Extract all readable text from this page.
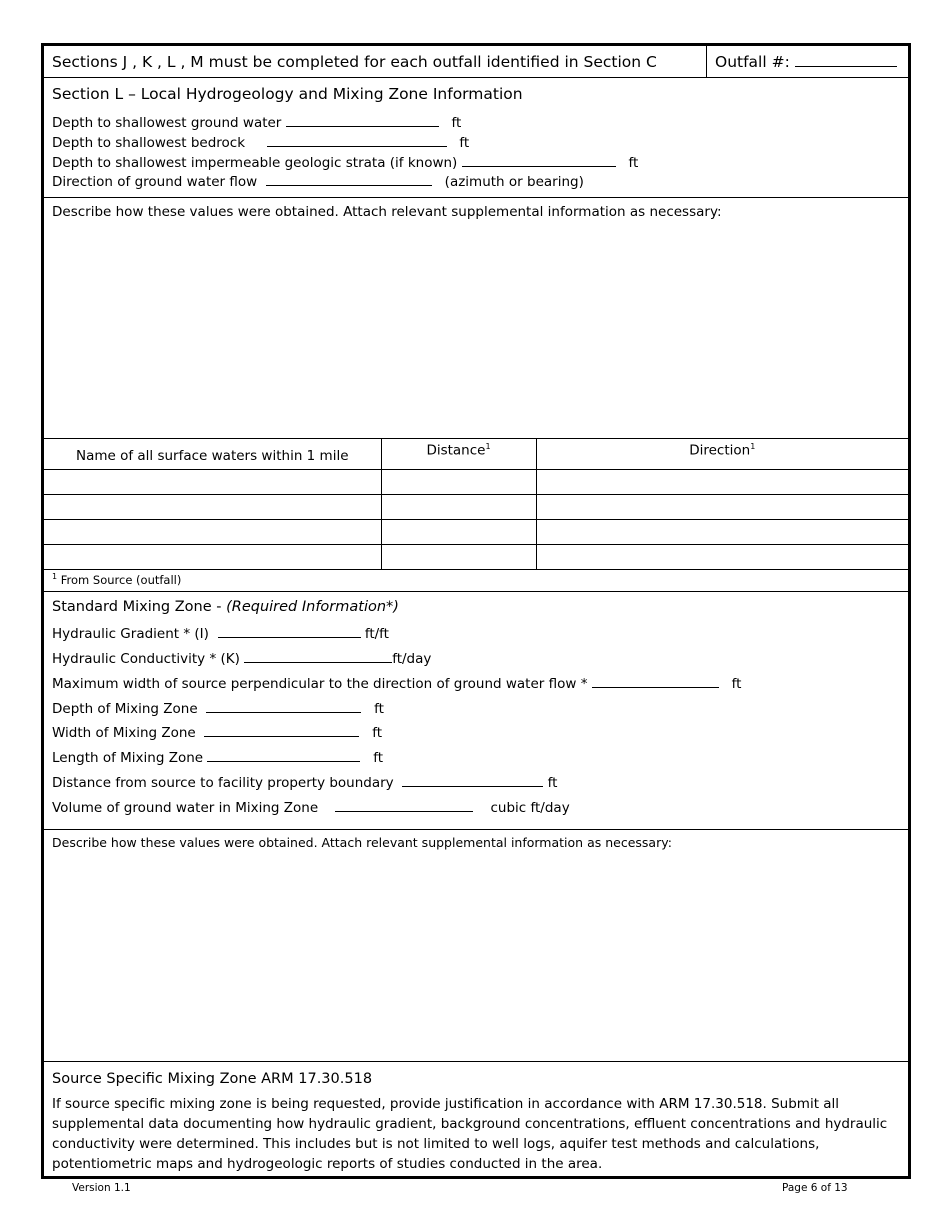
Sections J , K , L , M must be completed for each outfall identified in Section C	Outfall #:
Section L – Local Hydrogeology and Mixing Zone Information
Depth to shallowest ground water	ft
Depth to shallowest bedrock	ft
Depth to shallowest impermeable geologic strata (if known)	ft
Direction of ground water flow	(azimuth or bearing)
Describe how these values were obtained. Attach relevant supplemental information as necessary:
Name of all surface waters within 1 mile	Distance$^1$	Direction$^1$

$^1$ From Source (outfall)
Standard Mixing Zone - (Required Information*)
Hydraulic Gradient * (I)	ft/ft
Hydraulic Conductivity * (K)	ft/day
Maximum width of source perpendicular to the direction of ground water flow *	ft
Depth of Mixing Zone	ft
Width of Mixing Zone	ft
Length of Mixing Zone	ft
Distance from source to facility property boundary	ft
Volume of ground water in Mixing Zone	cubic ft/day
Describe how these values were obtained. Attach relevant supplemental information as necessary:
Source Specific Mixing Zone ARM 17.30.518
If source specific mixing zone is being requested, provide justification in accordance with ARM 17.30.518. Submit all supplemental data documenting how hydraulic gradient, background concentrations, effluent concentrations and hydraulic conductivity were determined. This includes but is not limited to well logs, aquifer test methods and calculations, potentiometric maps and hydrogeologic reports of studies conducted in the area.
Version 1.1	Page 6 of 13
